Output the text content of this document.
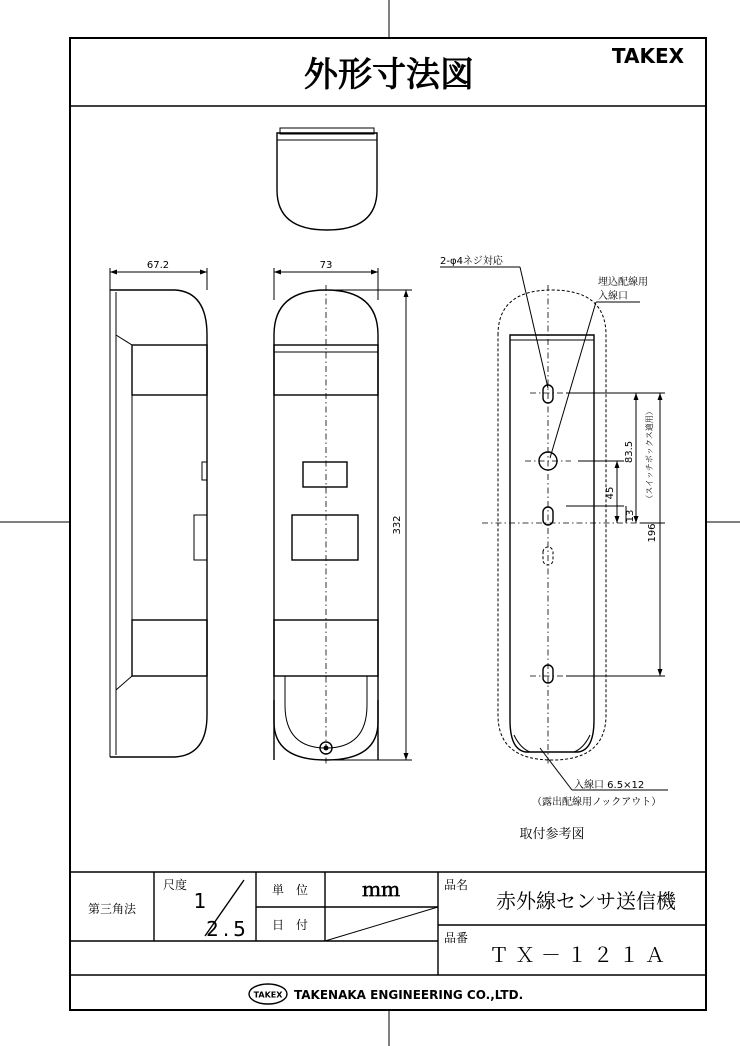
外形寸法図	TAKEX
67.2	73
332
83.5 （スイッチボックス適用）
45
13
196
2-φ4ネジ対応
埋込配線用
入線口
入線口 6.5×12
（露出配線用ノックアウト）
取付参考図
第三角法
尺度
1
2.5
単　位	ｍｍ
日　付
品名
赤外線センサ送信機
品番
ＴＸ－１２１Ａ
TAKEX TAKENAKA ENGINEERING CO.,LTD.
